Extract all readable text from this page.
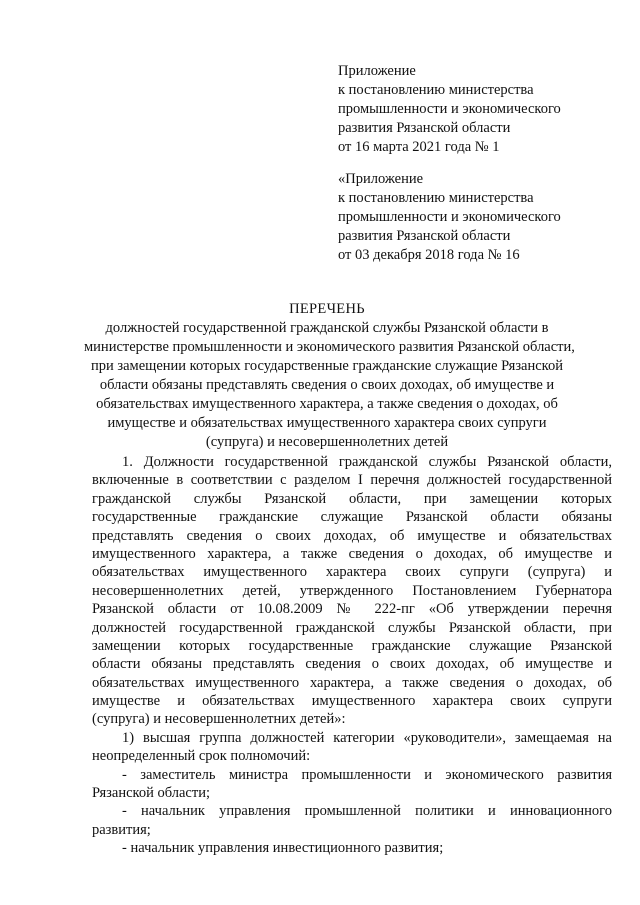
Приложение
к постановлению министерства
промышленности и экономического
развития Рязанской области
от 16 марта 2021 года № 1
«Приложение
к постановлению министерства
промышленности и экономического
развития Рязанской области
от 03 декабря 2018 года № 16
ПЕРЕЧЕНЬ
должностей государственной гражданской службы Рязанской области в
министерстве промышленности и экономического развития Рязанской области,
при замещении которых государственные гражданские служащие Рязанской
области обязаны представлять сведения о своих доходах, об имуществе и
обязательствах имущественного характера, а также сведения о доходах, об
имуществе и обязательствах имущественного характера своих супруги
(супруга) и несовершеннолетних детей
1. Должности государственной гражданской службы Рязанской области,
включенные в соответствии с разделом I перечня должностей государственной
гражданской службы Рязанской области, при замещении которых
государственные гражданские служащие Рязанской области обязаны
представлять сведения о своих доходах, об имуществе и обязательствах
имущественного характера, а также сведения о доходах, об имуществе и
обязательствах имущественного характера своих супруги (супруга) и
несовершеннолетних детей, утвержденного Постановлением Губернатора
Рязанской области от 10.08.2009 № 222-пг «Об утверждении перечня
должностей государственной гражданской службы Рязанской области, при
замещении которых государственные гражданские служащие Рязанской
области обязаны представлять сведения о своих доходах, об имуществе и
обязательствах имущественного характера, а также сведения о доходах, об
имуществе и обязательствах имущественного характера своих супруги
(супруга) и несовершеннолетних детей»:
1) высшая группа должностей категории «руководители», замещаемая на
неопределенный срок полномочий:
- заместитель министра промышленности и экономического развития
Рязанской области;
- начальник управления промышленной политики и инновационного
развития;
- начальник управления инвестиционного развития;
